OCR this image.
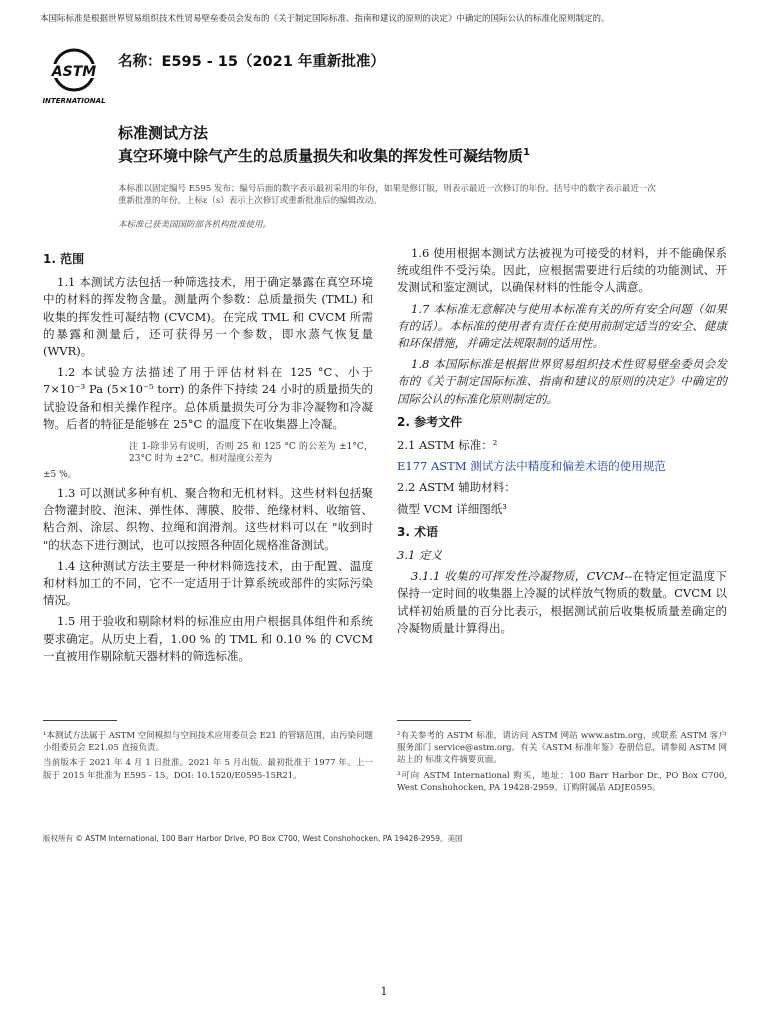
本国际标准是根据世界贸易组织技术性贸易壁垒委员会发布的《关于制定国际标准、指南和建议的原则的决定》中确定的国际公认的标准化原则制定的。
ASTM
INTERNATIONAL
名称：E595 - 15（2021 年重新批准）
标准测试方法
真空环境中除气产生的总质量损失和收集的挥发性可凝结物质$^1$
本标准以固定编号 E595 发布；编号后面的数字表示最初采用的年份，如果是修订版，则表示最近一次修订的年份。括号中的数字表示最近一次重新批准的年份。上标ε（s）表示上次修订或重新批准后的编辑改动。
本标准已获美国国防部各机构批准使用。
1. 范围

1.1 本测试方法包括一种筛选技术，用于确定暴露在真空环境中的材料的挥发物含量。测量两个参数：总质量损失 (TML) 和收集的挥发性可凝结物 (CVCM)。在完成 TML 和 CVCM 所需的暴露和测量后，还可获得另一个参数，即水蒸气恢复量 (WVR)。

1.2 本试验方法描述了用于评估材料在 125 °C、小于 7×10⁻³ Pa (5×10⁻⁵ torr) 的条件下持续 24 小时的质量损失的试验设备和相关操作程序。总体质量损失可分为非冷凝物和冷凝物。后者的特征是能够在 25°C 的温度下在收集器上冷凝。

注 1-除非另有说明，否则 25 和 125 °C 的公差为 ±1°C，23°C 时为 ±2°C。相对湿度公差为

±5 %。

1.3 可以测试多种有机、聚合物和无机材料。这些材料包括聚合物灌封胶、泡沫、弹性体、薄膜、胶带、绝缘材料、收缩管、粘合剂、涂层、织物、拉绳和润滑剂。这些材料可以在 "收到时 "的状态下进行测试，也可以按照各种固化规格准备测试。

1.4 这种测试方法主要是一种材料筛选技术，由于配置、温度和材料加工的不同，它不一定适用于计算系统或部件的实际污染情况。

1.5 用于验收和剔除材料的标准应由用户根据具体组件和系统要求确定。从历史上看，1.00 % 的 TML 和 0.10 % 的 CVCM 一直被用作剔除航天器材料的筛选标准。

1.6 使用根据本测试方法被视为可接受的材料，并不能确保系统或组件不受污染。因此，应根据需要进行后续的功能测试、开发测试和鉴定测试，以确保材料的性能令人满意。

1.7 本标准无意解决与使用本标准有关的所有安全问题（如果有的话）。本标准的使用者有责任在使用前制定适当的安全、健康和环保措施，并确定法规限制的适用性。

1.8 本国际标准是根据世界贸易组织技术性贸易壁垒委员会发布的《关于制定国际标准、指南和建议的原则的决定》中确定的国际公认的标准化原则制定的。

2. 参考文件

2.1 ASTM 标准：²

E177 ASTM 测试方法中精度和偏差术语的使用规范

2.2 ASTM 辅助材料：

微型 VCM 详细图纸³

3. 术语

3.1 定义

3.1.1 收集的可挥发性冷凝物质，CVCM--在特定恒定温度下保持一定时间的收集器上冷凝的试样放气物质的数量。CVCM 以试样初始质量的百分比表示，根据测试前后收集板质量差确定的冷凝物质量计算得出。

¹本测试方法属于 ASTM 空间模拟与空间技术应用委员会 E21 的管辖范围，由污染问题小组委员会 E21.05 直接负责。

当前版本于 2021 年 4 月 1 日批准。2021 年 5 月出版。最初批准于 1977 年。上一版于 2015 年批准为 E595 - 15。DOI: 10.1520/E0595-15R21。

²有关参考的 ASTM 标准，请访问 ASTM 网站 www.astm.org，或联系 ASTM 客户服务部门 service@astm.org。有关《ASTM 标准年鉴》卷册信息，请参阅 ASTM 网站上的 标准文件摘要页面。

³可向 ASTM International 购买，地址：100 Barr Harbor Dr., PO Box C700, West Conshohocken, PA 19428-2959。订购附属品 ADJE0595。

版权所有 © ASTM International, 100 Barr Harbor Drive, PO Box C700, West Conshohocken, PA 19428-2959。美国
1
